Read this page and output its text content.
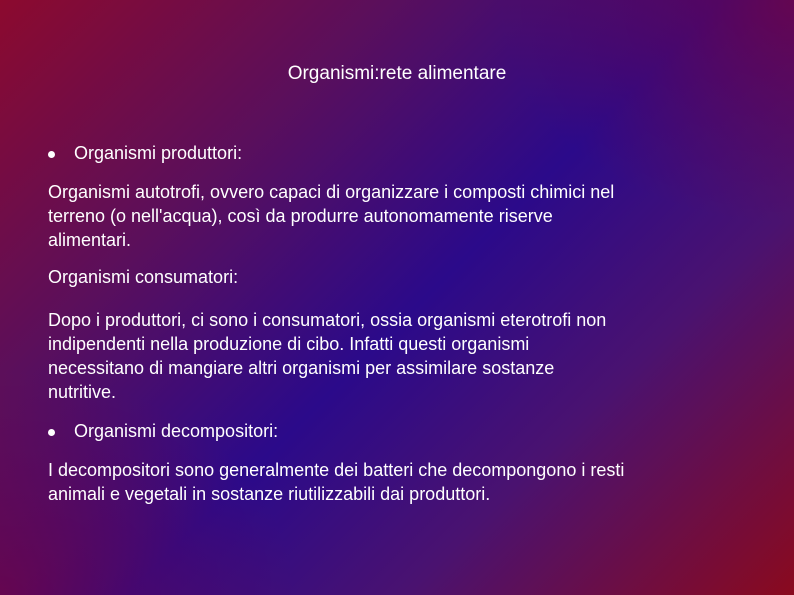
Organismi:rete alimentare
Organismi produttori:
Organismi autotrofi, ovvero capaci di organizzare i composti chimici nel
terreno (o nell'acqua), così da produrre autonomamente riserve
alimentari.
Organismi consumatori:
Dopo i produttori, ci sono i consumatori, ossia organismi eterotrofi non
indipendenti nella produzione di cibo. Infatti questi organismi
necessitano di mangiare altri organismi per assimilare sostanze
nutritive.
Organismi decompositori:
I decompositori sono generalmente dei batteri che decompongono i resti
animali e vegetali in sostanze riutilizzabili dai produttori.
